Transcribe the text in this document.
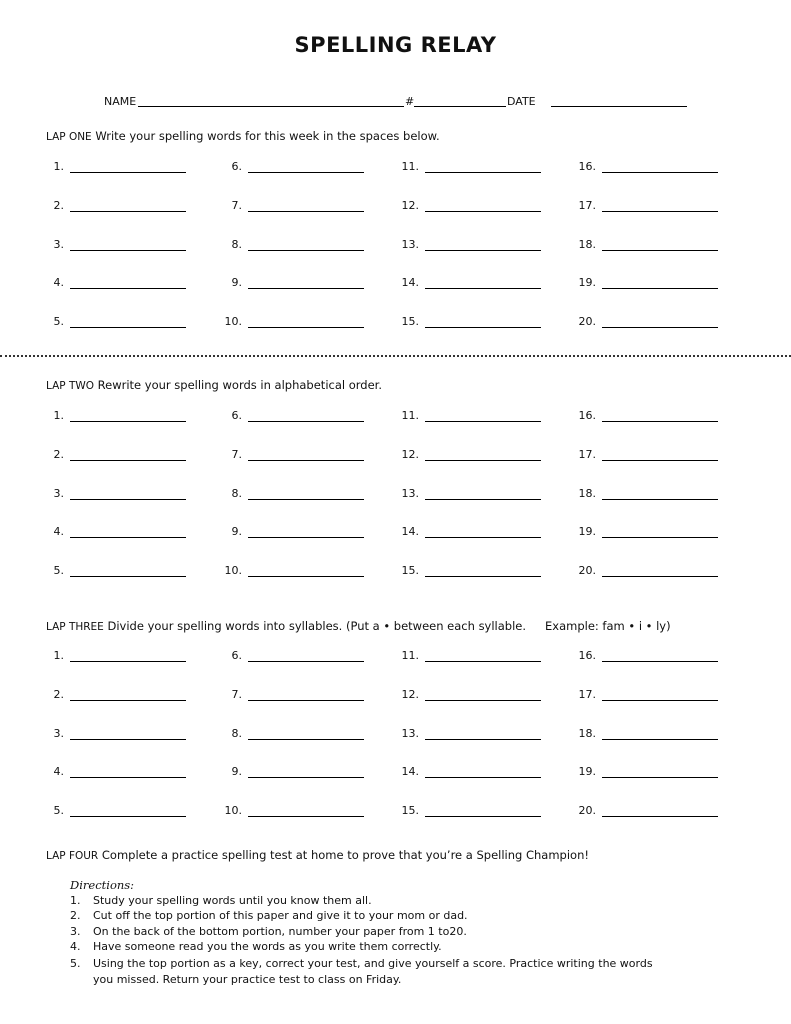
SPELLING RELAY
NAME	#	DATE
LAP ONE Write your spelling words for this week in the spaces below.
LAP TWO Rewrite your spelling words in alphabetical order.
LAP THREE Divide your spelling words into syllables. (Put a • between each syllable. Example: fam • i • ly)
LAP FOUR Complete a practice spelling test at home to prove that you’re a Spelling Champion!
1.
2.
3.
4.
5.
6.
7.
8.
9.
10.
11.
12.
13.
14.
15.
16.
17.
18.
19.
20.
1.
2.
3.
4.
5.
6.
7.
8.
9.
10.
11.
12.
13.
14.
15.
16.
17.
18.
19.
20.
1.
2.
3.
4.
5.
6.
7.
8.
9.
10.
11.
12.
13.
14.
15.
16.
17.
18.
19.
20.
Directions:
1. Study your spelling words until you know them all.
2. Cut off the top portion of this paper and give it to your mom or dad.
3. On the back of the bottom portion, number your paper from 1 to20.
4. Have someone read you the words as you write them correctly.
5. Using the top portion as a key, correct your test, and give yourself a score. Practice writing the words
you missed. Return your practice test to class on Friday.
